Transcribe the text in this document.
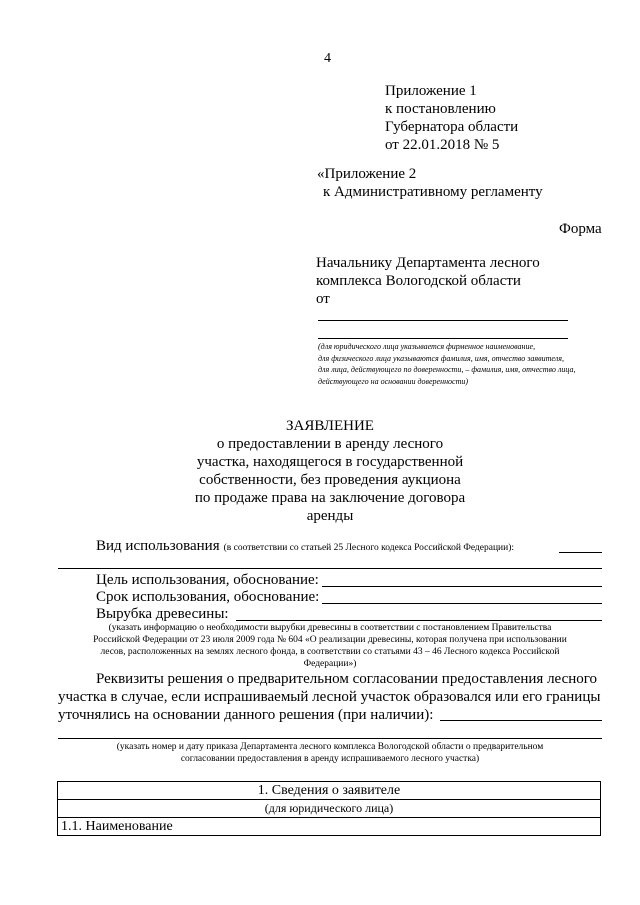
4
Приложение 1
к постановлению
Губернатора области
от 22.01.2018 № 5
«Приложение 2
к Административному регламенту
Форма
Начальнику Департамента лесного
комплекса Вологодской области
от
(для юридического лица указывается фирменное наименование,
для физического лица указываются фамилия, имя, отчество заявителя,
для лица, действующего по доверенности, – фамилия, имя, отчество лица,
действующего на основании доверенности)
ЗАЯВЛЕНИЕ
о предоставлении в аренду лесного
участка, находящегося в государственной
собственности, без проведения аукциона
по продаже права на заключение договора
аренды
Вид использования (в соответствии со статьей 25 Лесного кодекса Российской Федерации):
Цель использования, обоснование:
Срок использования, обоснование:
Вырубка древесины:
(указать информацию о необходимости вырубки древесины в соответствии с постановлением Правительства
Российской Федерации от 23 июля 2009 года № 604 «О реализации древесины, которая получена при использовании
лесов, расположенных на землях лесного фонда, в соответствии со статьями 43 – 46 Лесного кодекса Российской
Федерации»)
Реквизиты решения о предварительном согласовании предоставления лесного
участка в случае, если испрашиваемый лесной участок образовался или его границы
уточнялись на основании данного решения (при наличии):
(указать номер и дату приказа Департамента лесного комплекса Вологодской области о предварительном
согласовании предоставления в аренду испрашиваемого лесного участка)
1. Сведения о заявителе
(для юридического лица)
1.1. Наименование
